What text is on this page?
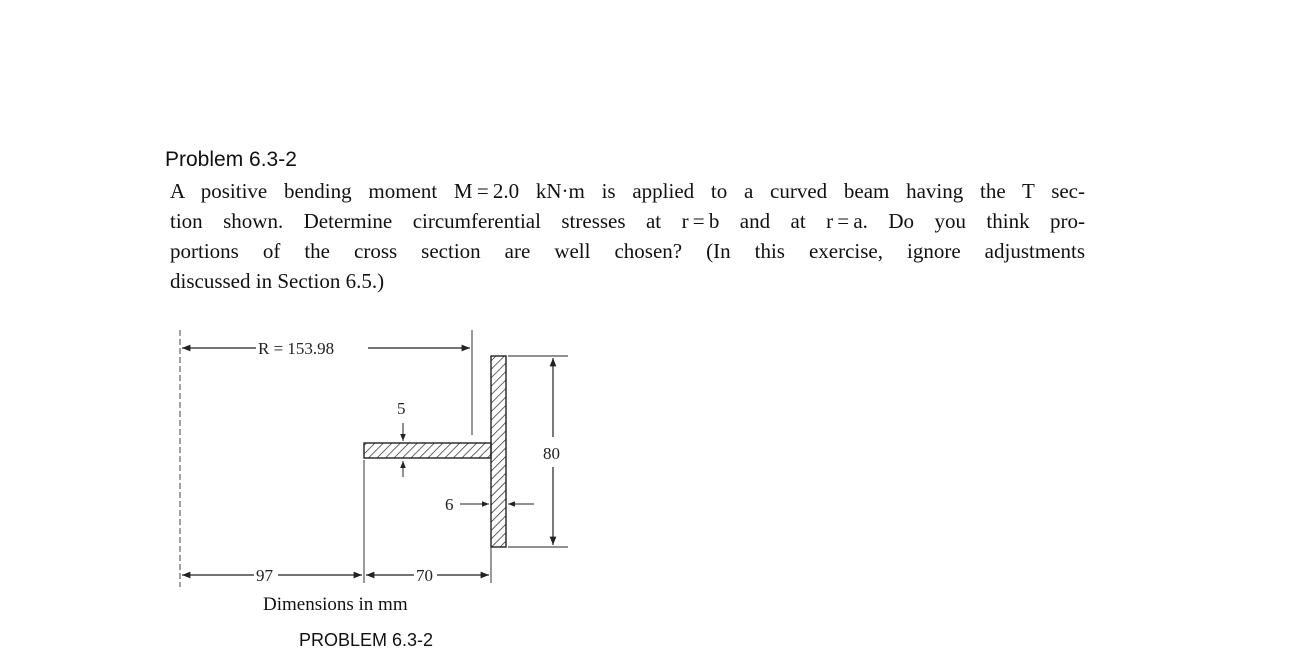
Problem 6.3-2
A positive bending moment M = 2.0 kN·m is applied to a curved beam having the T sec-
tion shown. Determine circumferential stresses at r = b and at r = a. Do you think pro-
portions of the cross section are well chosen? (In this exercise, ignore adjustments
discussed in Section 6.5.)
R = 153.98
5
6
80
97	70
Dimensions in mm
PROBLEM 6.3-2
